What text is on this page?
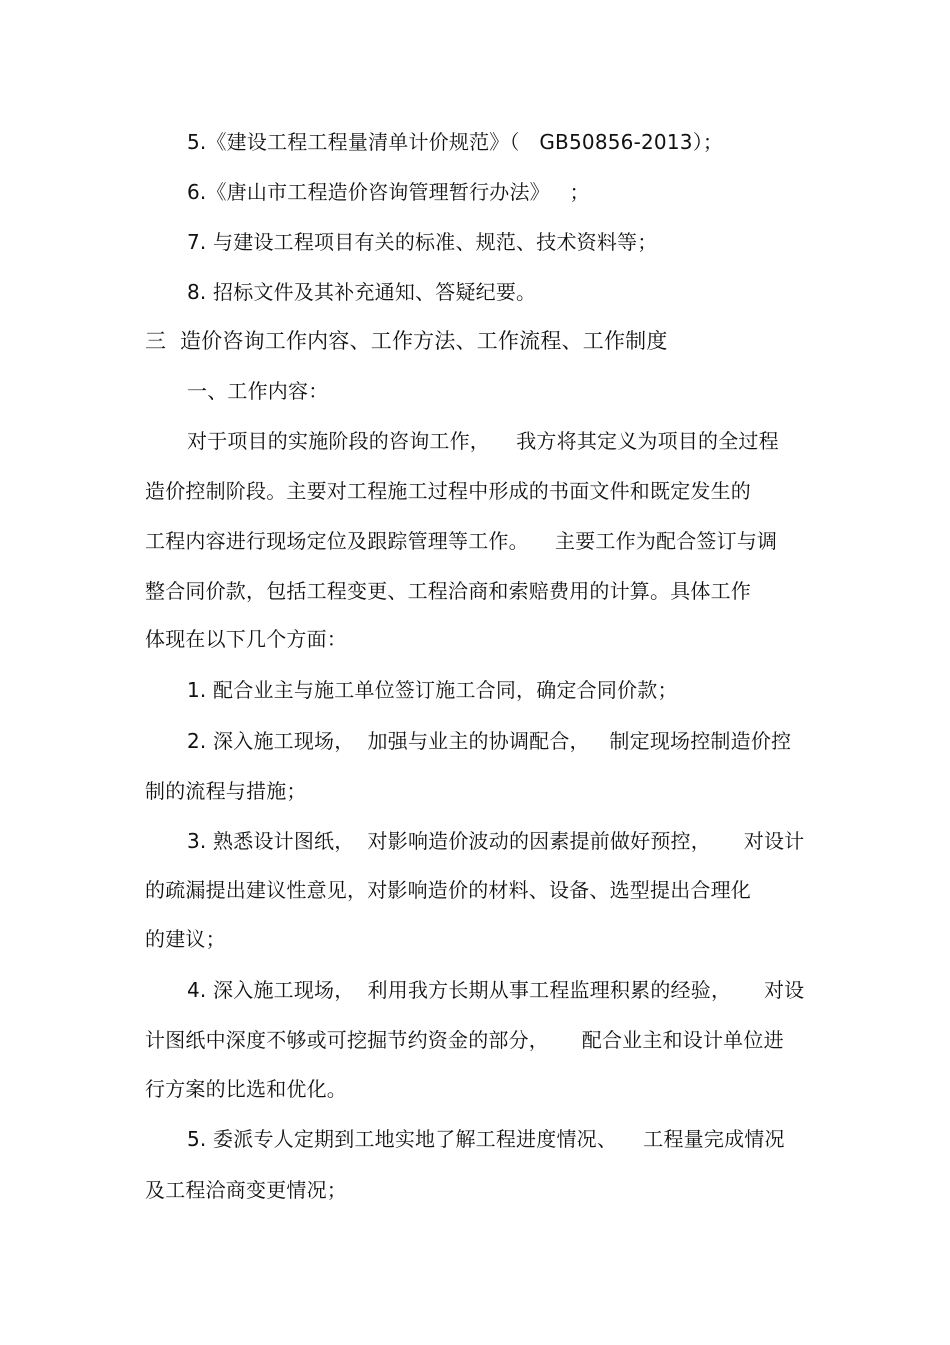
5.《建设工程工程量清单计价规范》（   GB50856-2013）；
6.《唐山市工程造价咨询管理暂行办法》   ；
7. 与建设工程项目有关的标准、规范、技术资料等；
8. 招标文件及其补充通知、答疑纪要。
三  造价咨询工作内容、工作方法、工作流程、工作制度
一、工作内容：
对于项目的实施阶段的咨询工作，    我方将其定义为项目的全过程
造价控制阶段。主要对工程施工过程中形成的书面文件和既定发生的
工程内容进行现场定位及跟踪管理等工作。    主要工作为配合签订与调
整合同价款，包括工程变更、工程洽商和索赔费用的计算。具体工作
体现在以下几个方面：
1. 配合业主与施工单位签订施工合同，确定合同价款；
2. 深入施工现场，  加强与业主的协调配合，   制定现场控制造价控
制的流程与措施；
3. 熟悉设计图纸，  对影响造价波动的因素提前做好预控，     对设计
的疏漏提出建议性意见，对影响造价的材料、设备、选型提出合理化
的建议；
4. 深入施工现场，  利用我方长期从事工程监理积累的经验，     对设
计图纸中深度不够或可挖掘节约资金的部分，     配合业主和设计单位进
行方案的比选和优化。
5. 委派专人定期到工地实地了解工程进度情况、    工程量完成情况
及工程洽商变更情况；
